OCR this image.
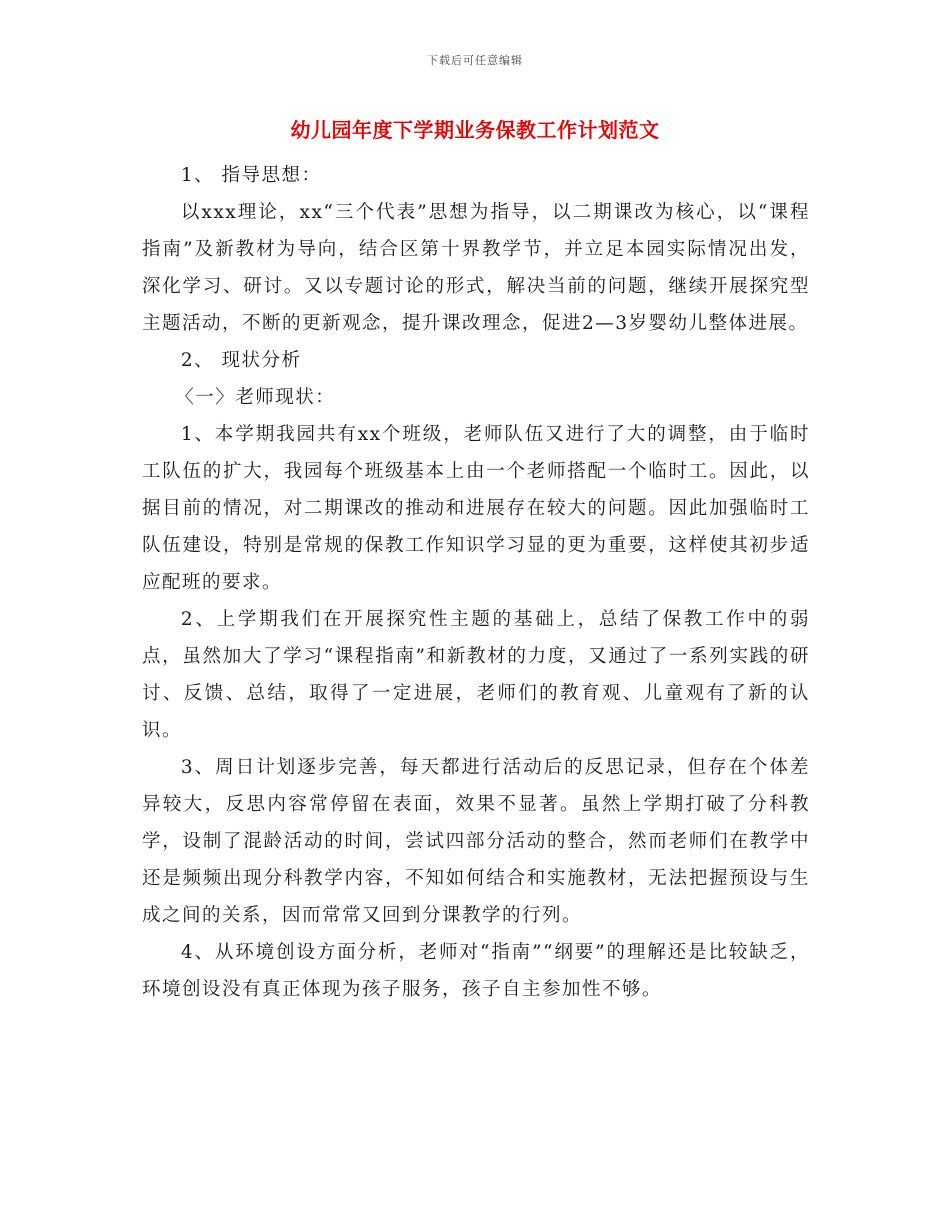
下载后可任意编辑
幼儿园年度下学期业务保教工作计划范文

1、 指导思想：

以xxx理论，xx“三个代表”思想为指导，以二期课改为核心，以“课程指南”及新教材为导向，结合区第十界教学节，并立足本园实际情况出发，深化学习、研讨。又以专题讨论的形式，解决当前的问题，继续开展探究型主题活动，不断的更新观念，提升课改理念，促进2—3岁婴幼儿整体进展。

2、 现状分析

〈一〉老师现状：

1、本学期我园共有xx个班级，老师队伍又进行了大的调整，由于临时工队伍的扩大，我园每个班级基本上由一个老师搭配一个临时工。因此，以据目前的情况，对二期课改的推动和进展存在较大的问题。因此加强临时工队伍建设，特别是常规的保教工作知识学习显的更为重要，这样使其初步适应配班的要求。

2、上学期我们在开展探究性主题的基础上，总结了保教工作中的弱点，虽然加大了学习“课程指南”和新教材的力度，又通过了一系列实践的研讨、反馈、总结，取得了一定进展，老师们的教育观、儿童观有了新的认识。

3、周日计划逐步完善，每天都进行活动后的反思记录，但存在个体差异较大，反思内容常停留在表面，效果不显著。虽然上学期打破了分科教学，设制了混龄活动的时间，尝试四部分活动的整合，然而老师们在教学中还是频频出现分科教学内容，不知如何结合和实施教材，无法把握预设与生成之间的关系，因而常常又回到分课教学的行列。

4、从环境创设方面分析，老师对“指南”“纲要”的理解还是比较缺乏，环境创设没有真正体现为孩子服务，孩子自主参加性不够。
